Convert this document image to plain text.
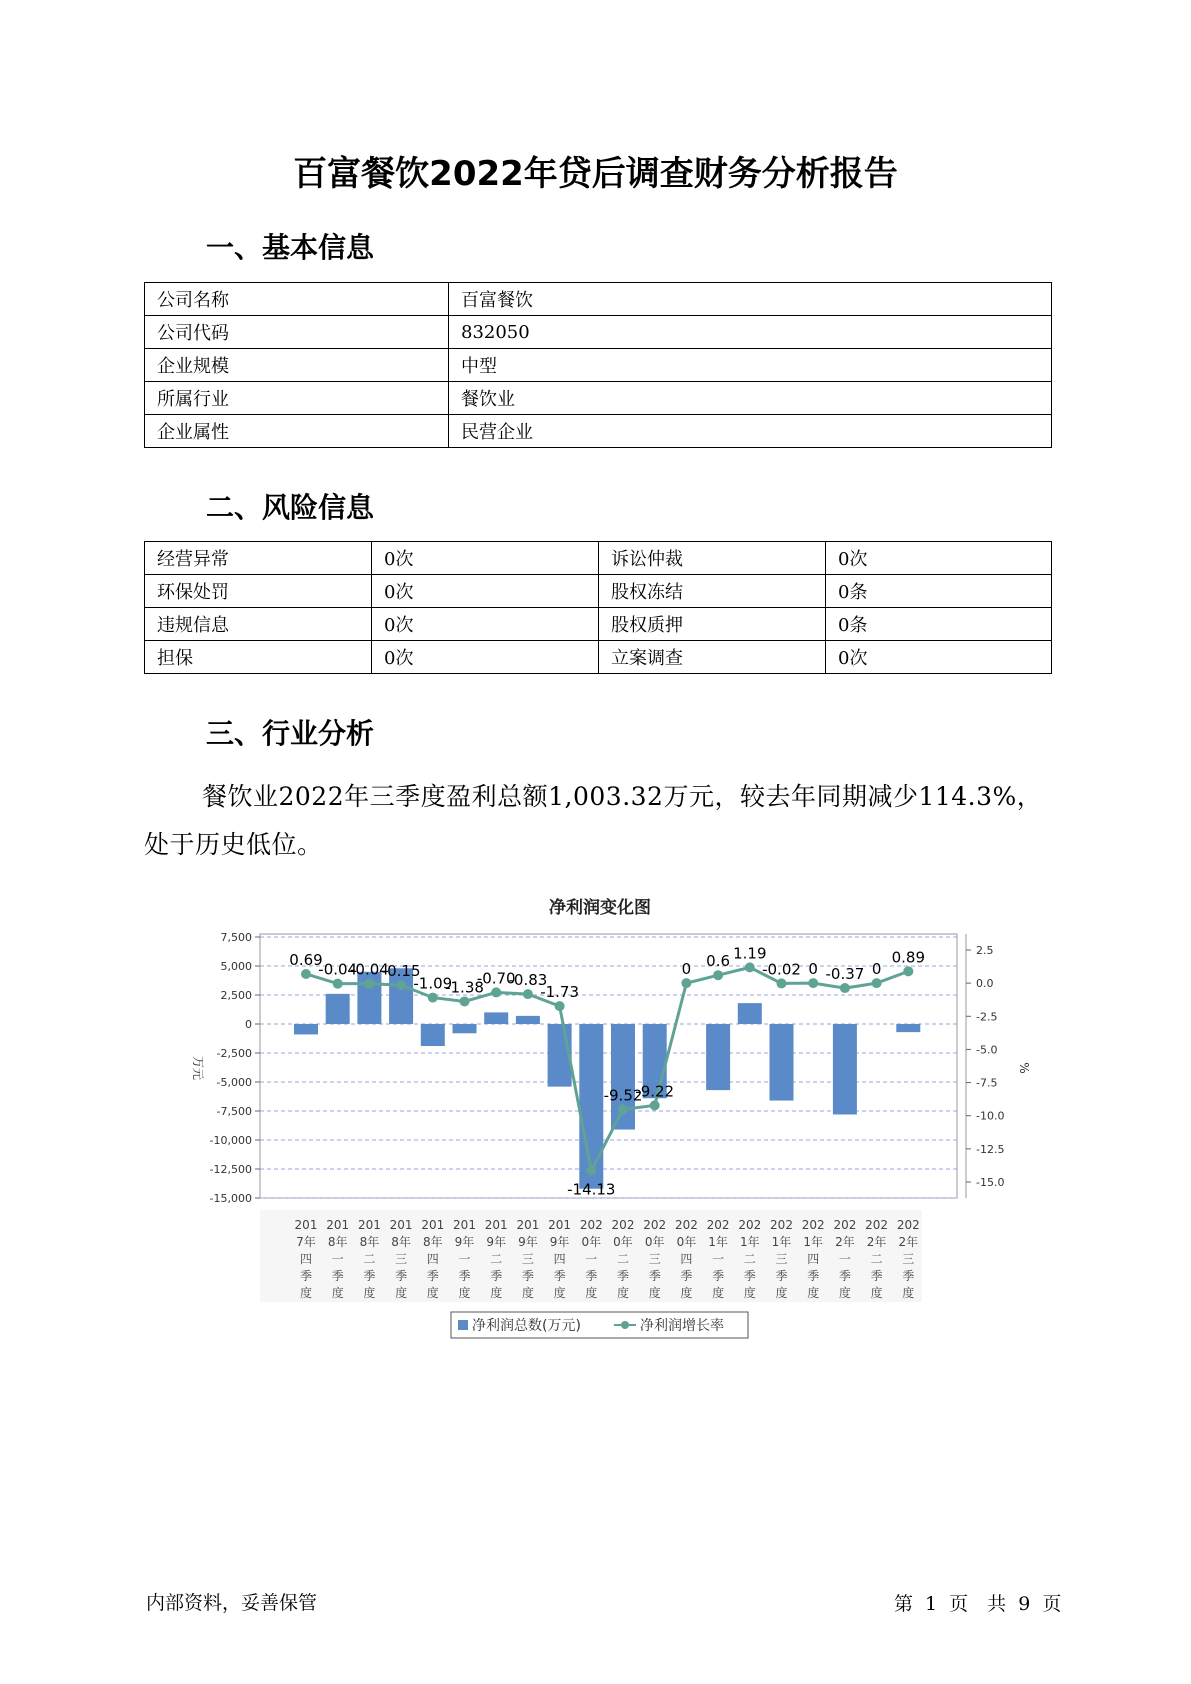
百富餐饮2022年贷后调查财务分析报告
一、基本信息
公司名称	百富餐饮
公司代码	832050
企业规模	中型
所属行业	餐饮业
企业属性	民营企业
二、风险信息
经营异常	0次	诉讼仲裁	0次
环保处罚	0次	股权冻结	0条
违规信息	0次	股权质押	0条
担保	0次	立案调查	0次
三、行业分析
餐饮业2022年三季度盈利总额1,003.32万元，较去年同期减少114.3%，处于历史低位。
净利润变化图
7,500
5,000
2,500
0
-2,500
-5,000
-7,500
-10,000
-12,500
-15,000
2.5
0.0
-2.5
-5.0
-7.5
-10.0
-12.5
-15.0
万元	%
0.69
-0.04
-0.04
-0.15
-1.09
-1.38
-0.70
-0.83
-1.73
-14.13
-9.52
-9.22
0 0.6 1.19
-0.02 0 -0.37 0
0.89
201
7年
四
季
度
201
8年
一
季
度
201
8年
二
季
度
201
8年
三
季
度
201
8年
四
季
度
201
9年
一
季
度
201
9年
二
季
度
201
9年
三
季
度
201
9年
四
季
度
202
0年
一
季
度
202
0年
二
季
度
202
0年
三
季
度
202
0年
四
季
度
202
1年
一
季
度
202
1年
二
季
度
202
1年
三
季
度
202
1年
四
季
度
202
2年
一
季
度
202
2年
二
季
度
202
2年
三
季
度
净利润总数(万元)	净利润增长率
内部资料，妥善保管	第 1 页　共 9 页
